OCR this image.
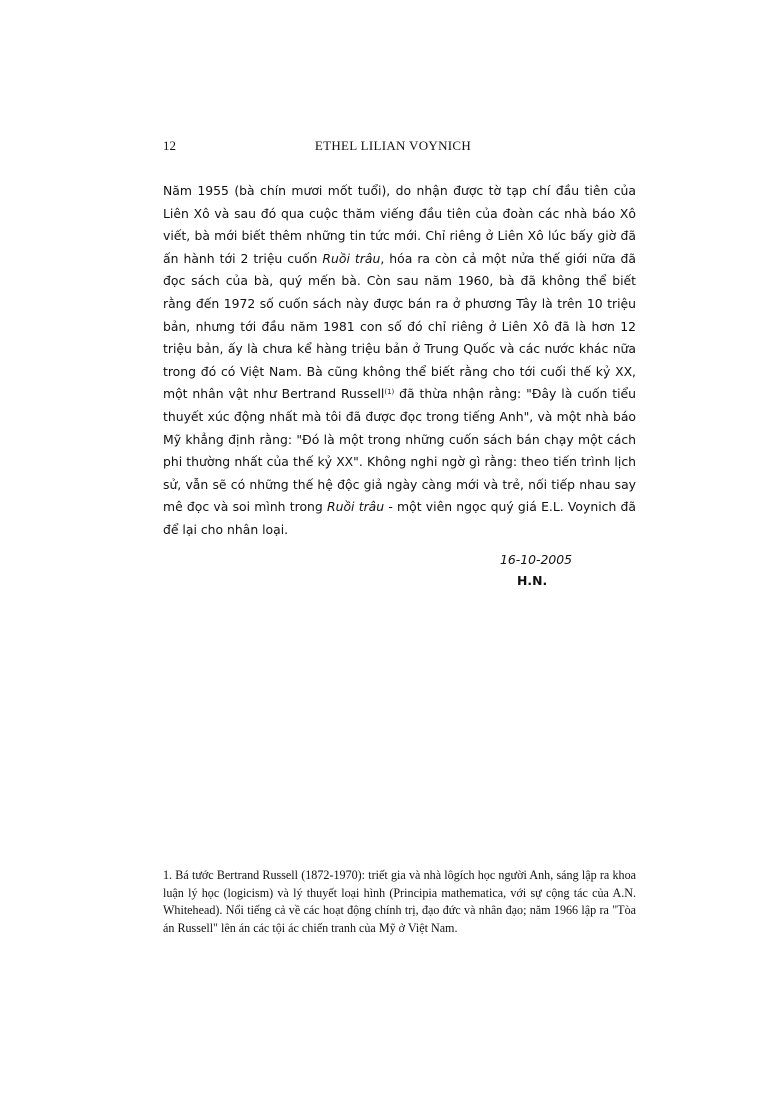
12	ETHEL LILIAN VOYNICH

Năm 1955 (bà chín mươi mốt tuổi), do nhận được tờ tạp chí đầu tiên của Liên Xô và sau đó qua cuộc thăm viếng đầu tiên của đoàn các nhà báo Xô viết, bà mới biết thêm những tin tức mới. Chỉ riêng ở Liên Xô lúc bấy giờ đã ấn hành tới 2 triệu cuốn Ruồi trâu, hóa ra còn cả một nửa thế giới nữa đã đọc sách của bà, quý mến bà. Còn sau năm 1960, bà đã không thể biết rằng đến 1972 số cuốn sách này được bán ra ở phương Tây là trên 10 triệu bản, nhưng tới đầu năm 1981 con số đó chỉ riêng ở Liên Xô đã là hơn 12 triệu bản, ấy là chưa kể hàng triệu bản ở Trung Quốc và các nước khác nữa trong đó có Việt Nam. Bà cũng không thể biết rằng cho tới cuối thế kỷ XX, một nhân vật như Bertrand Russell$^{(1)}$ đã thừa nhận rằng: "Đây là cuốn tiểu thuyết xúc động nhất mà tôi đã được đọc trong tiếng Anh", và một nhà báo Mỹ khẳng định rằng: "Đó là một trong những cuốn sách bán chạy một cách phi thường nhất của thế kỷ XX". Không nghi ngờ gì rằng: theo tiến trình lịch sử, vẫn sẽ có những thế hệ độc giả ngày càng mới và trẻ, nối tiếp nhau say mê đọc và soi mình trong Ruồi trâu - một viên ngọc quý giá E.L. Voynich đã để lại cho nhân loại.

16-10-2005
H.N.
1. Bá tước Bertrand Russell (1872-1970): triết gia và nhà lôgích học người Anh, sáng lập ra khoa luận lý học (logicism) và lý thuyết loại hình (Principia mathematica, với sự cộng tác của A.N. Whitehead). Nổi tiếng cả về các hoạt động chính trị, đạo đức và nhân đạo; năm 1966 lập ra "Tòa án Russell" lên án các tội ác chiến tranh của Mỹ ở Việt Nam.
